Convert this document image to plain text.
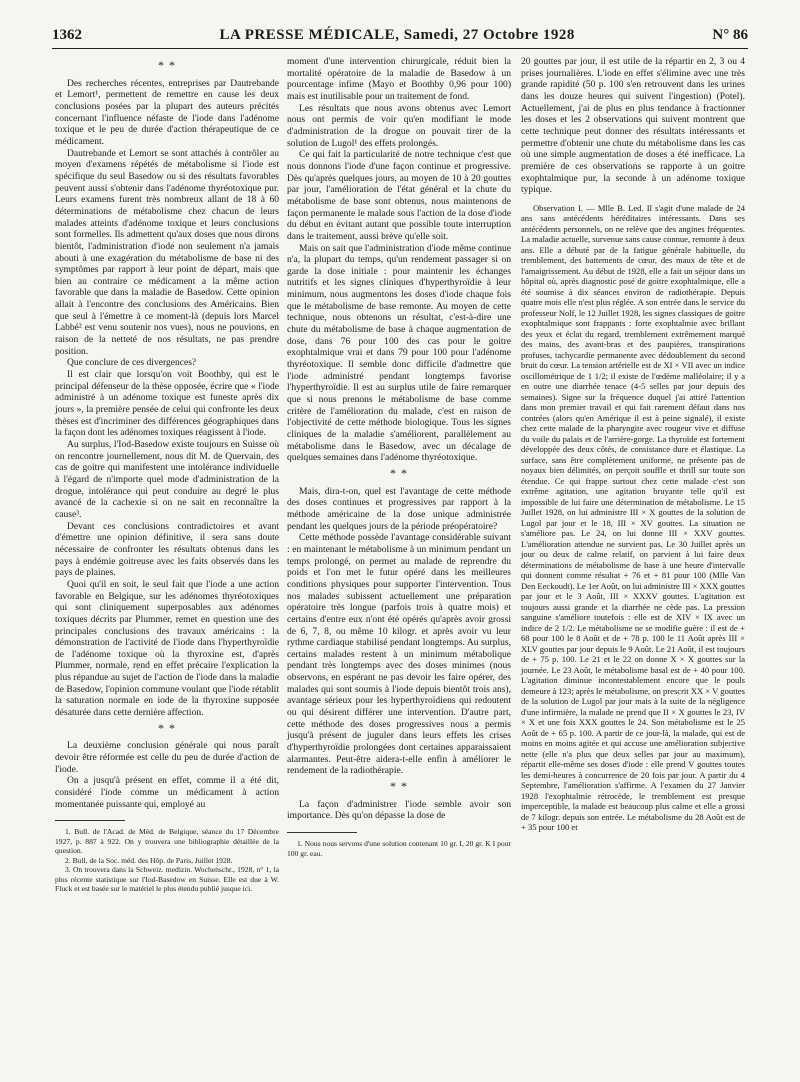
1362	LA PRESSE MÉDICALE, Samedi, 27 Octobre 1928	N° 86
* *

Des recherches récentes, entreprises par Dautrebande et Lemort¹, permettent de remettre en cause les deux conclusions posées par la plupart des auteurs précités concernant l'influence néfaste de l'iode dans l'adénome toxique et le peu de durée d'action thérapeutique de ce médicament.

Dautrebande et Lemort se sont attachés à contrôler au moyen d'examens répétés de métabolisme si l'iode est spécifique du seul Basedow ou si des résultats favorables peuvent aussi s'obtenir dans l'adénome thyréotoxique pur. Leurs examens furent très nombreux allant de 18 à 60 déterminations de métabolisme chez chacun de leurs malades atteints d'adénome toxique et leurs conclusions sont formelles. Ils admettent qu'aux doses que nous dirons bientôt, l'administration d'iode non seulement n'a jamais abouti à une exagération du métabolisme de base ni des symptômes par rapport à leur point de départ, mais que bien au contraire ce médicament a la même action favorable que dans la maladie de Basedow. Cette opinion allait à l'encontre des conclusions des Américains. Bien que seul à l'émettre à ce moment-là (depuis lors Marcel Labbé² est venu soutenir nos vues), nous ne pouvions, en raison de la netteté de nos résultats, ne pas prendre position.

Que conclure de ces divergences?

Il est clair que lorsqu'on voit Boothby, qui est le principal défenseur de la thèse opposée, écrire que « l'iode administré à un adénome toxique est funeste après dix jours », la première pensée de celui qui confronte les deux thèses est d'incriminer des différences géographiques dans la façon dont les adénomes toxiques réagissent à l'iode.

Au surplus, l'Iod-Basedow existe toujours en Suisse où on rencontre journellement, nous dit M. de Quervain, des cas de goitre qui manifestent une intolérance individuelle à l'égard de n'importe quel mode d'administration de la drogue, intolérance qui peut conduire au degré le plus avancé de la cachexie si on ne sait en reconnaître la cause³.

Devant ces conclusions contradictoires et avant d'émettre une opinion définitive, il sera sans doute nécessaire de confronter les résultats obtenus dans les pays à endémie goitreuse avec les faits observés dans les pays de plaines.

Quoi qu'il en soit, le seul fait que l'iode a une action favorable en Belgique, sur les adénomes thyréotoxiques qui sont cliniquement superposables aux adénomes toxiques décrits par Plummer, remet en question une des principales conclusions des travaux américains : la démonstration de l'activité de l'iode dans l'hyperthyroïdie de l'adénome toxique où la thyroxine est, d'après Plummer, normale, rend en effet précaire l'explication la plus répandue au sujet de l'action de l'iode dans la maladie de Basedow, l'opinion commune voulant que l'iode rétablit la saturation normale en iode de la thyroxine supposée désaturée dans cette dernière affection.

* *

La deuxième conclusion générale qui nous paraît devoir être réformée est celle du peu de durée d'action de l'iode.

On a jusqu'à présent en effet, comme il a été dit, considéré l'iode comme un médicament à action momentanée puissante qui, employé au

1. Bull. de l'Acad. de Méd. de Belgique, séance du 17 Décembre 1927, p. 887 à 922. On y trouvera une bibliographie détaillée de la question.

2. Bull. de la Soc. méd. des Hôp. de Paris, Juillet 1928.

3. On trouvera dans la Schweiz. medizin. Wochenschr., 1928, n° 1, la plus récente statistique sur l'Iod-Basedow en Suisse. Elle est due à W. Fluck et est basée sur le matériel le plus étendu publié jusque ici.

moment d'une intervention chirurgicale, réduit bien la mortalité opératoire de la maladie de Basedow à un pourcentage infime (Mayo et Boothby 0,96 pour 100) mais est inutilisable pour un traitement de fond.

Les résultats que nous avons obtenus avec Lemort nous ont permis de voir qu'en modifiant le mode d'administration de la drogue on pouvait tirer de la solution de Lugol¹ des effets prolongés.

Ce qui fait la particularité de notre technique c'est que nous donnons l'iode d'une façon continue et progressive. Dès qu'après quelques jours, au moyen de 10 à 20 gouttes par jour, l'amélioration de l'état général et la chute du métabolisme de base sont obtenus, nous maintenons de façon permanente le malade sous l'action de la dose d'iode du début en évitant autant que possible toute interruption dans le traitement, aussi brève qu'elle soit.

Mais on sait que l'administration d'iode même continue n'a, la plupart du temps, qu'un rendement passager si on garde la dose initiale : pour maintenir les échanges nutritifs et les signes cliniques d'hyperthyroïdie à leur minimum, nous augmentons les doses d'iode chaque fois que le métabolisme de base remonte. Au moyen de cette technique, nous obtenons un résultat, c'est-à-dire une chute du métabolisme de base à chaque augmentation de dose, dans 76 pour 100 des cas pour le goitre exophtalmique vrai et dans 79 pour 100 pour l'adénome thyréotoxique. Il semble donc difficile d'admettre que l'iode administré pendant longtemps favorise l'hyperthyroïdie. Il est au surplus utile de faire remarquer que si nous prenons le métabolisme de base comme critère de l'amélioration du malade, c'est en raison de l'objectivité de cette méthode biologique. Tous les signes cliniques de la maladie s'améliorent, parallèlement au métabolisme dans le Basedow, avec un décalage de quelques semaines dans l'adénome thyréotoxique.

* *

Mais, dira-t-on, quel est l'avantage de cette méthode des doses continues et progressives par rapport à la méthode américaine de la dose unique administrée pendant les quelques jours de la période préopératoire?

Cette méthode possède l'avantage considérable suivant : en maintenant le métabolisme à un minimum pendant un temps prolongé, on permet au malade de reprendre du poids et l'on met le futur opéré dans les meilleures conditions physiques pour supporter l'intervention. Tous nos malades subissent actuellement une préparation opératoire très longue (parfois trois à quatre mois) et certains d'entre eux n'ont été opérés qu'après avoir grossi de 6, 7, 8, ou même 10 kilogr. et après avoir vu leur rythme cardiaque stabilisé pendant longtemps. Au surplus, certains malades restent à un minimum métabolique pendant très longtemps avec des doses minimes (nous observons, en espérant ne pas devoir les faire opérer, des malades qui sont soumis à l'iode depuis bientôt trois ans), avantage sérieux pour les hyperthyroïdiens qui redoutent ou qui désirent différer une intervention. D'autre part, cette méthode des doses progressives nous a permis jusqu'à présent de juguler dans leurs effets les crises d'hyperthyroïdie prolongées dont certaines apparaissaient alarmantes. Peut-être aidera-t-elle enfin à améliorer le rendement de la radiothérapie.

* *

La façon d'administrer l'iode semble avoir son importance. Dès qu'on dépasse la dose de

1. Nous nous servons d'une solution contenant 10 gr. I, 20 gr. K I pour 100 gr. eau.

20 gouttes par jour, il est utile de la répartir en 2, 3 ou 4 prises journalières. L'iode en effet s'élimine avec une très grande rapidité (50 p. 100 s'en retrouvent dans les urines dans les douze heures qui suivent l'ingestion) (Potel). Actuellement, j'ai de plus en plus tendance à fractionner les doses et les 2 observations qui suivent montrent que cette technique peut donner des résultats intéressants et permettre d'obtenir une chute du métabolisme dans les cas où une simple augmentation de doses a été inefficace. La première de ces observations se rapporte à un goitre exophtalmique pur, la seconde à un adénome toxique typique.

Observation I. — Mlle B. Led. Il s'agit d'une malade de 24 ans sans antécédents héréditaires intéressants. Dans ses antécédents personnels, on ne relève que des angines fréquentes. La maladie actuelle, survenue sans cause connue, remonte à deux ans. Elle a débuté par de la fatigue générale habituelle, du tremblement, des battements de cœur, des maux de tête et de l'amaigrissement. Au début de 1928, elle a fait un séjour dans un hôpital où, après diagnostic posé de goitre exophtalmique, elle a été soumise à dix séances environ de radiothérapie. Depuis quatre mois elle n'est plus réglée. A son entrée dans le service du professeur Nolf, le 12 Juillet 1928, les signes classiques de goitre exophtalmique sont frappants : forte exophtalmie avec brillant des yeux et éclat du regard, tremblement extrêmement marqué des mains, des avant-bras et des paupières, transpirations profuses, tachycardie permanente avec dédoublement du second bruit du cœur. La tension artérielle est de XI × VII avec un indice oscillométrique de 1 1/2; il existe de l'œdème malléolaire; il y a en outre une diarrhée tenace (4-5 selles par jour depuis des semaines). Signe sur la fréquence duquel j'ai attiré l'attention dans mon premier travail et qui fait rarement défaut dans nos contrées (alors qu'en Amérique il est à peine signalé), il existe chez cette malade de la pharyngite avec rougeur vive et diffuse du voile du palais et de l'arrière-gorge. La thyroïde est fortement développée des deux côtés, de consistance dure et élastique. La surface, sans être complètement uniforme, ne présente pas de noyaux bien délimités, on perçoit souffle et thrill sur toute son étendue. Ce qui frappe surtout chez cette malade c'est son extrême agitation, une agitation bruyante telle qu'il est impossible de lui faire une détermination de métabolisme. Le 15 Juillet 1928, on lui administre III × X gouttes de la solution de Lugol par jour et le 18, III × XV gouttes. La situation ne s'améliore pas. Le 24, on lui donne III × XXV gouttes. L'amélioration attendue ne survient pas. Le 30 Juillet après un jour ou deux de calme relatif, on parvient à lui faire deux déterminations de métabolisme de base à une heure d'intervalle qui donnent comme résultat + 76 et + 81 pour 100 (Mlle Van Den Eeckoudt). Le 1er Août, on lui administre III × XXX gouttes par jour et le 3 Août, III × XXXV gouttes. L'agitation est toujours aussi grande et la diarrhée ne cède pas. La pression sanguine s'améliore toutefois : elle est de XIV × IX avec un indice de 2 1/2. Le métabolisme ne se modifie guère : il est de + 68 pour 100 le 8 Août et de + 78 p. 100 le 11 Août après III × XLV gouttes par jour depuis le 9 Août. Le 21 Août, il est toujours de + 75 p. 100. Le 21 et le 22 on donne X × X gouttes sur la journée. Le 23 Août, le métabolisme basal est de + 40 pour 100. L'agitation diminue incontestablement encore que le pouls demeure à 123; après le métabolisme, on prescrit XX × V gouttes de la solution de Lugol par jour mais à la suite de la négligence d'une infirmière, la malade ne prend que II × X gouttes le 23, IV × X et une fois XXX gouttes le 24. Son métabolisme est le 25 Août de + 65 p. 100. A partir de ce jour-là, la malade, qui est de moins en moins agitée et qui accuse une amélioration subjective nette (elle n'a plus que deux selles par jour au maximum), répartit elle-même ses doses d'iode : elle prend V gouttes toutes les demi-heures à concurrence de 20 fois par jour. A partir du 4 Septembre, l'amélioration s'affirme. A l'examen du 27 Janvier 1928 l'exophtalmie rétrocède, le tremblement est presque imperceptible, la malade est beaucoup plus calme et elle a grossi de 7 kilogr. depuis son entrée. Le métabolisme du 28 Août est de + 35 pour 100 et
